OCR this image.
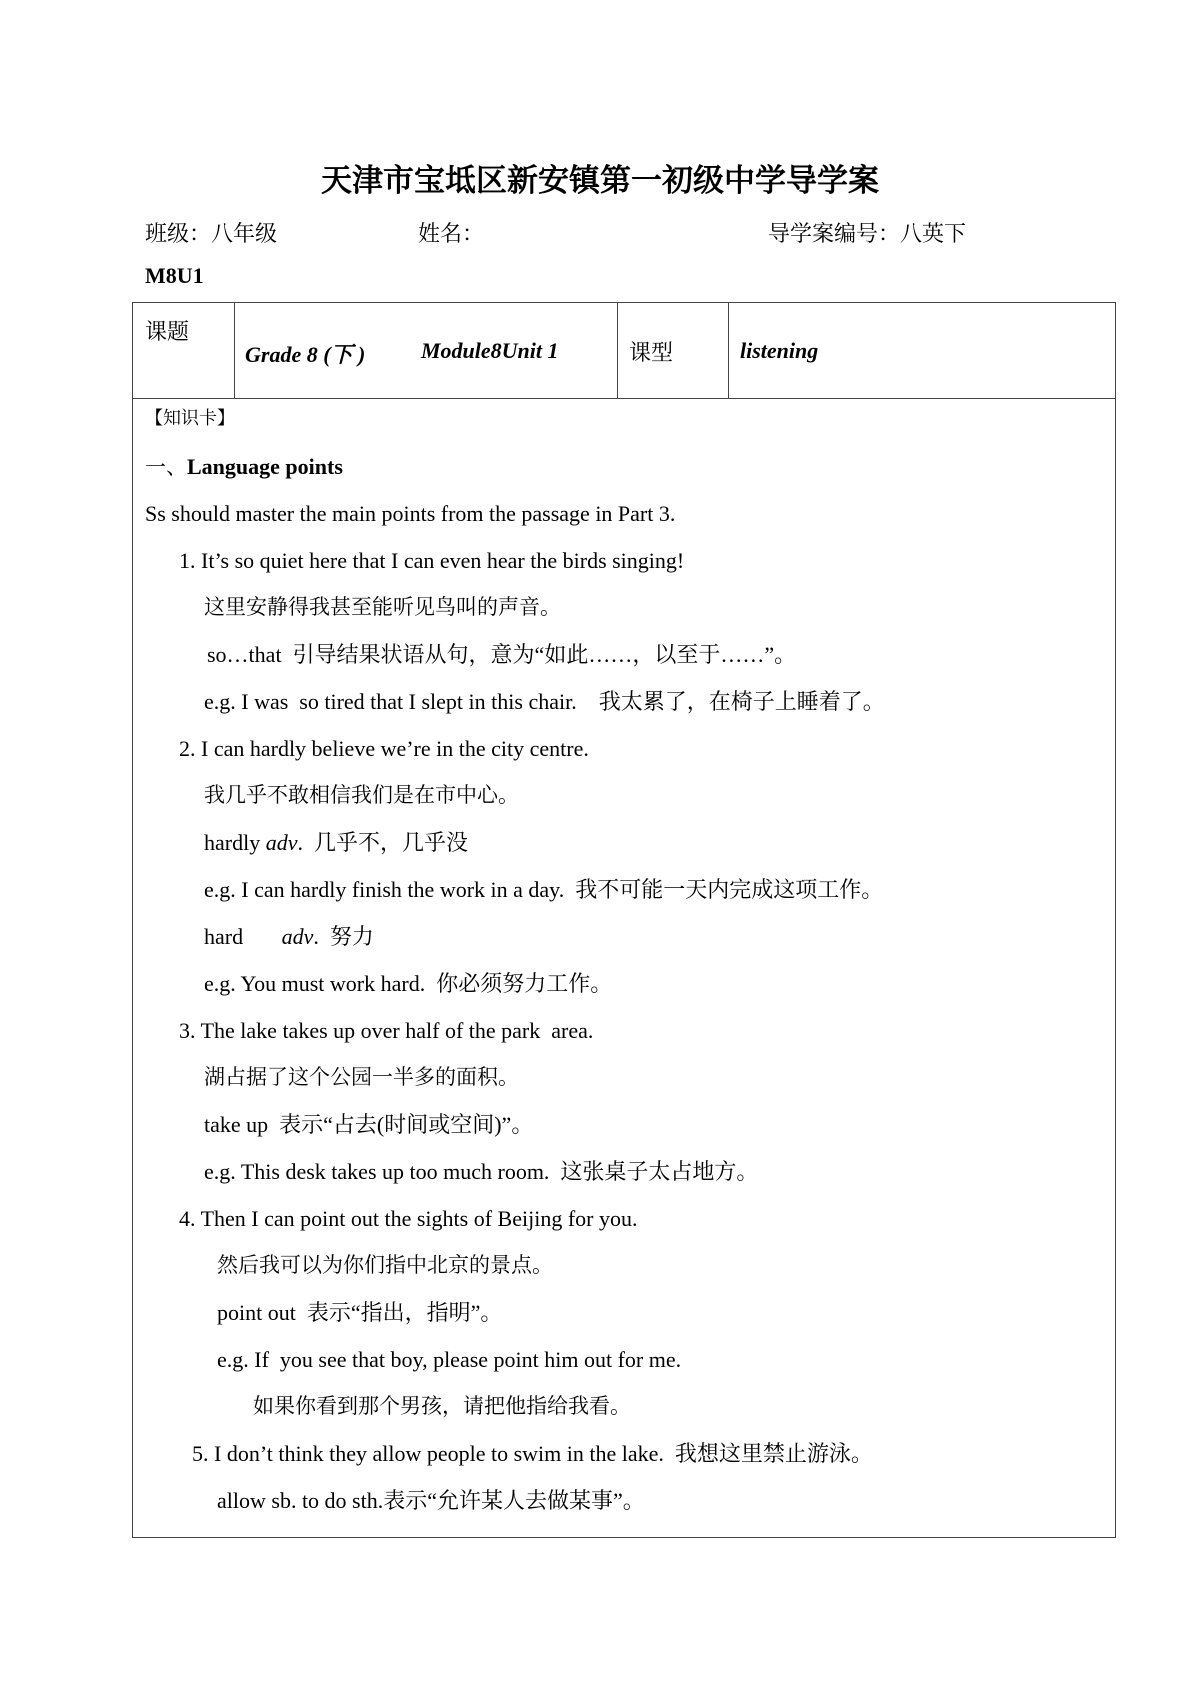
天津市宝坻区新安镇第一初级中学导学案
班级：八年级	姓名：	导学案编号：八英下
M8U1
课题
Grade 8 (下 )	Module8Unit 1	课型	listening
【知识卡】
一、Language points
Ss should master the main points from the passage in Part 3.
1. It’s so quiet here that I can even hear the birds singing!
这里安静得我甚至能听见鸟叫的声音。
so…that  引导结果状语从句，意为“如此……，以至于……”。
e.g. I was  so tired that I slept in this chair.    我太累了，在椅子上睡着了。
2. I can hardly believe we’re in the city centre.
我几乎不敢相信我们是在市中心。
hardly adv.  几乎不，几乎没
e.g. I can hardly finish the work in a day.  我不可能一天内完成这项工作。
hard       adv.  努力
e.g. You must work hard.  你必须努力工作。
3. The lake takes up over half of the park  area.
湖占据了这个公园一半多的面积。
take up  表示“占去(时间或空间)”。
e.g. This desk takes up too much room.  这张桌子太占地方。
4. Then I can point out the sights of Beijing for you.
然后我可以为你们指中北京的景点。
point out  表示“指出，指明”。
e.g. If  you see that boy, please point him out for me.
如果你看到那个男孩，请把他指给我看。
5. I don’t think they allow people to swim in the lake.  我想这里禁止游泳。
allow sb. to do sth.表示“允许某人去做某事”。
